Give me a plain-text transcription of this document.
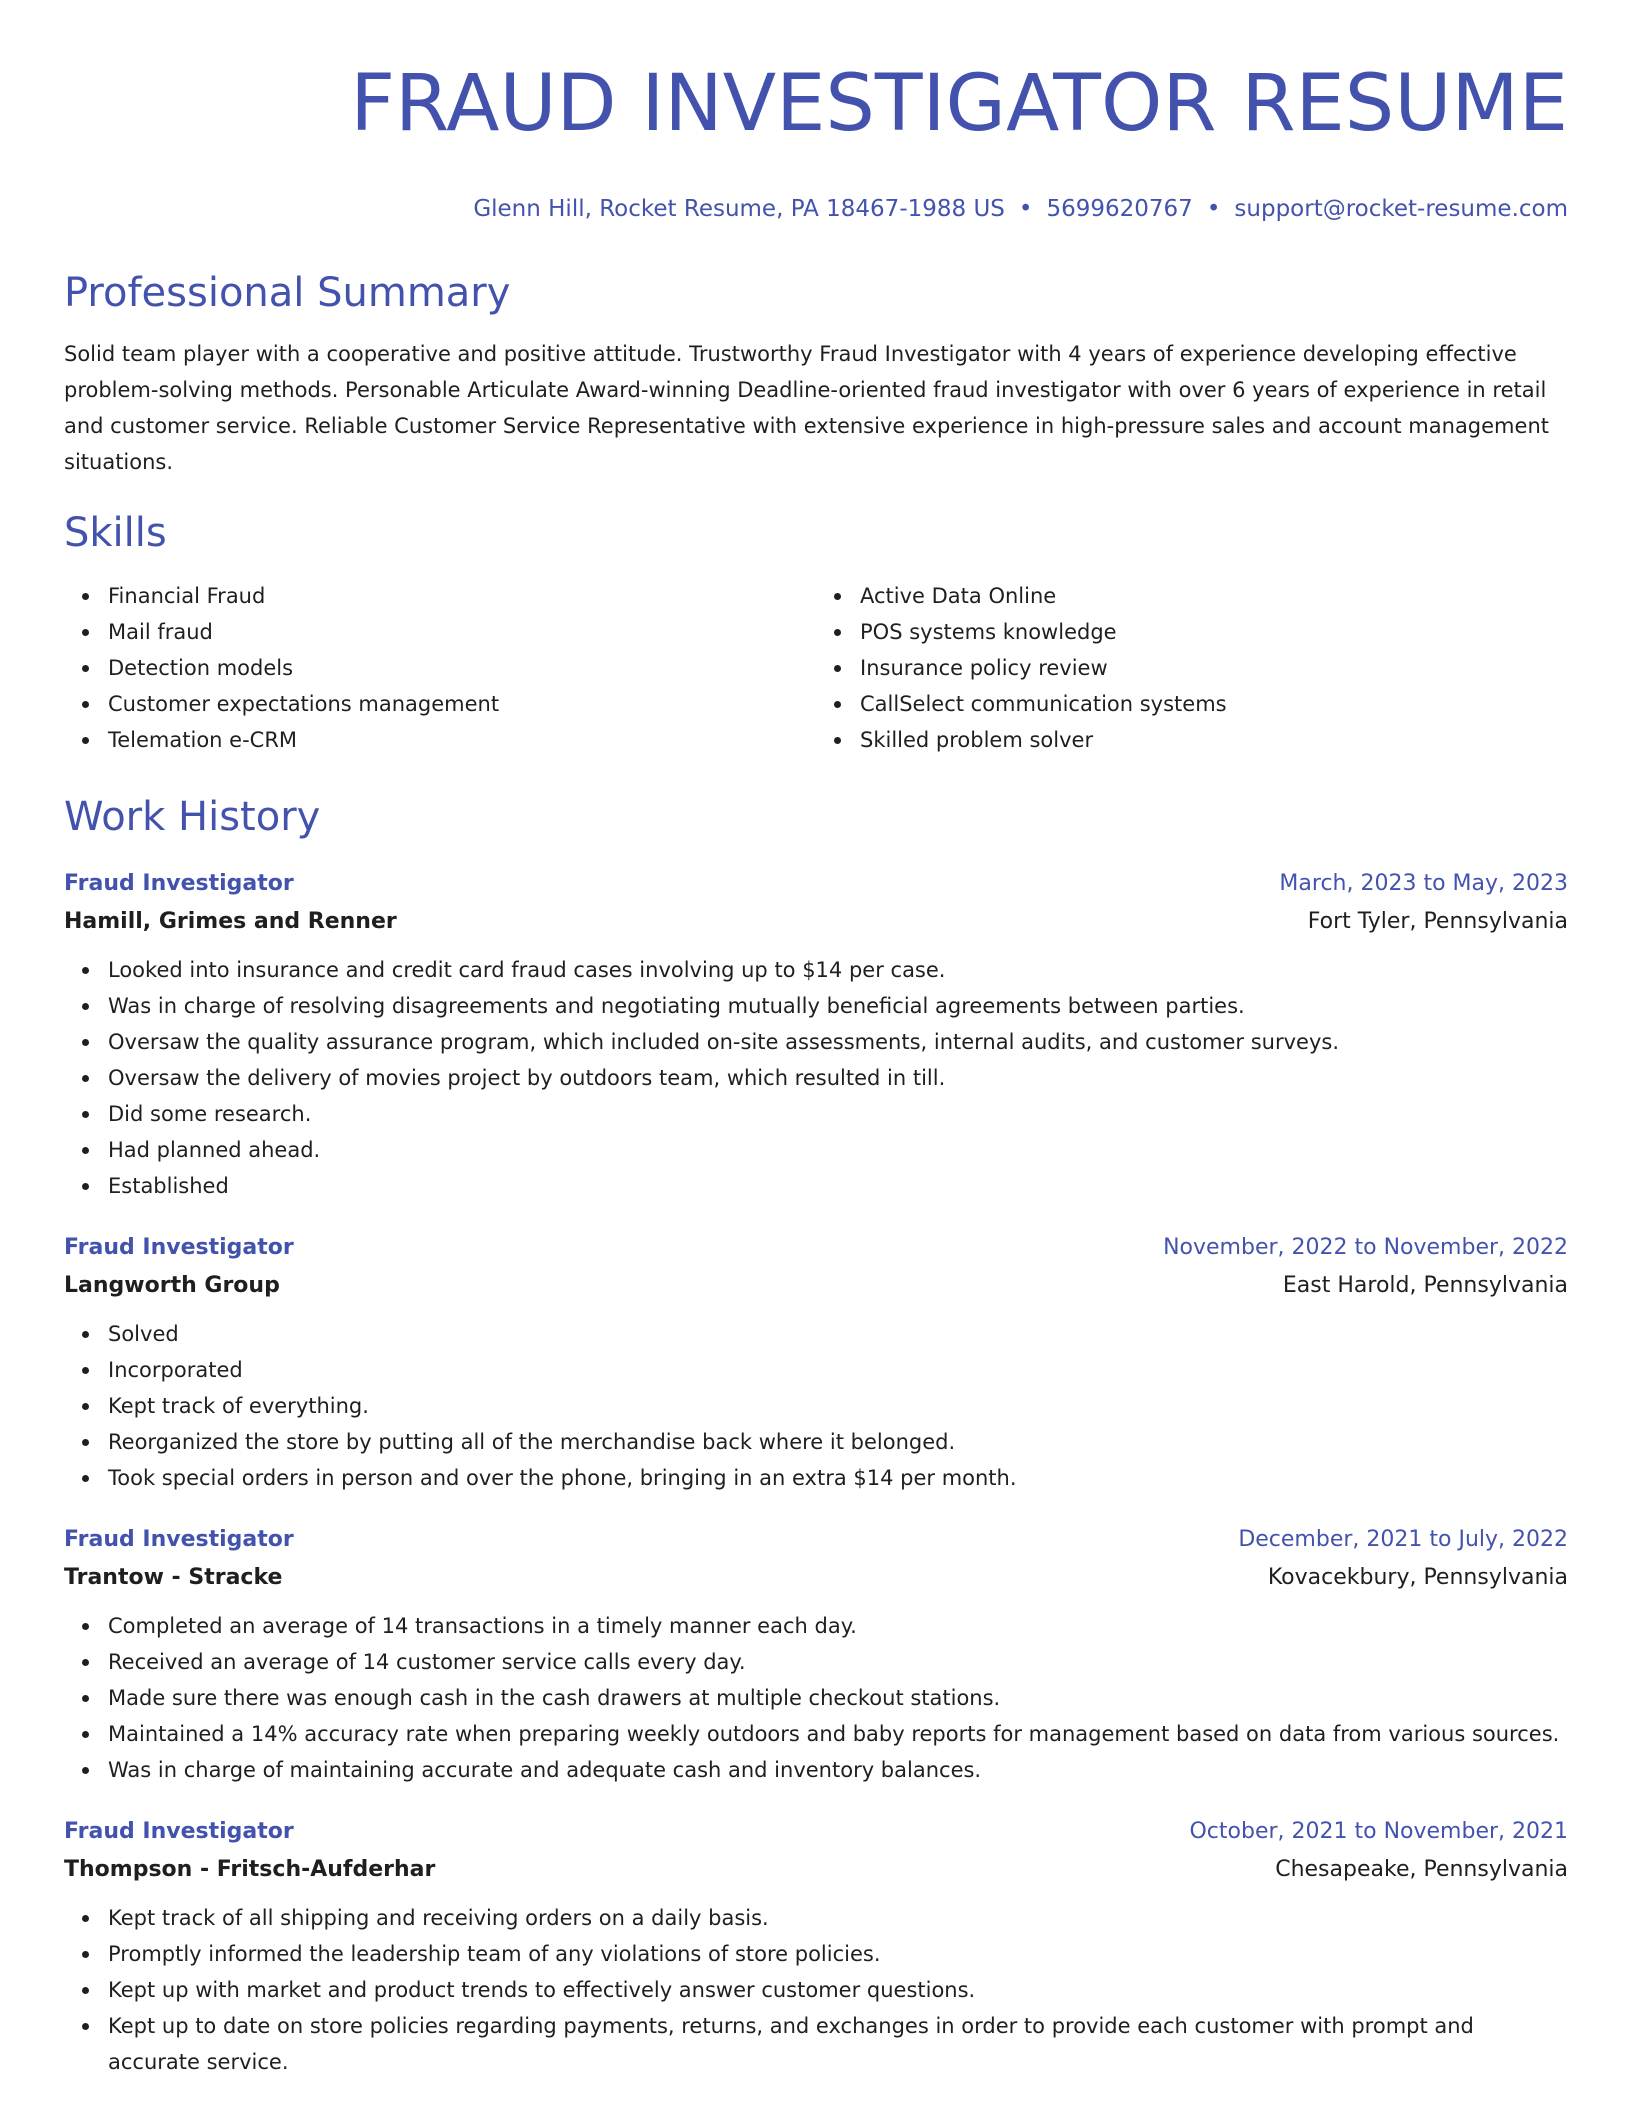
FRAUD INVESTIGATOR RESUME
Glenn Hill, Rocket Resume, PA 18467-1988 US • 5699620767 • support@rocket-resume.com
Professional Summary
Solid team player with a cooperative and positive attitude. Trustworthy Fraud Investigator with 4 years of experience developing effective problem-solving methods. Personable Articulate Award-winning Deadline-oriented fraud investigator with over 6 years of experience in retail and customer service. Reliable Customer Service Representative with extensive experience in high-pressure sales and account management situations.
Skills
Financial Fraud
Mail fraud
Detection models
Customer expectations management
Telemation e-CRM
Active Data Online
POS systems knowledge
Insurance policy review
CallSelect communication systems
Skilled problem solver
Work History
Fraud Investigator	March, 2023 to May, 2023
Hamill, Grimes and Renner	Fort Tyler, Pennsylvania
Looked into insurance and credit card fraud cases involving up to $14 per case.
Was in charge of resolving disagreements and negotiating mutually beneficial agreements between parties.
Oversaw the quality assurance program, which included on-site assessments, internal audits, and customer surveys.
Oversaw the delivery of movies project by outdoors team, which resulted in till.
Did some research.
Had planned ahead.
Established
Fraud Investigator	November, 2022 to November, 2022
Langworth Group	East Harold, Pennsylvania
Solved
Incorporated
Kept track of everything.
Reorganized the store by putting all of the merchandise back where it belonged.
Took special orders in person and over the phone, bringing in an extra $14 per month.
Fraud Investigator	December, 2021 to July, 2022
Trantow - Stracke	Kovacekbury, Pennsylvania
Completed an average of 14 transactions in a timely manner each day.
Received an average of 14 customer service calls every day.
Made sure there was enough cash in the cash drawers at multiple checkout stations.
Maintained a 14% accuracy rate when preparing weekly outdoors and baby reports for management based on data from various sources.
Was in charge of maintaining accurate and adequate cash and inventory balances.
Fraud Investigator	October, 2021 to November, 2021
Thompson - Fritsch-Aufderhar	Chesapeake, Pennsylvania
Kept track of all shipping and receiving orders on a daily basis.
Promptly informed the leadership team of any violations of store policies.
Kept up with market and product trends to effectively answer customer questions.
Kept up to date on store policies regarding payments, returns, and exchanges in order to provide each customer with prompt and accurate service.
